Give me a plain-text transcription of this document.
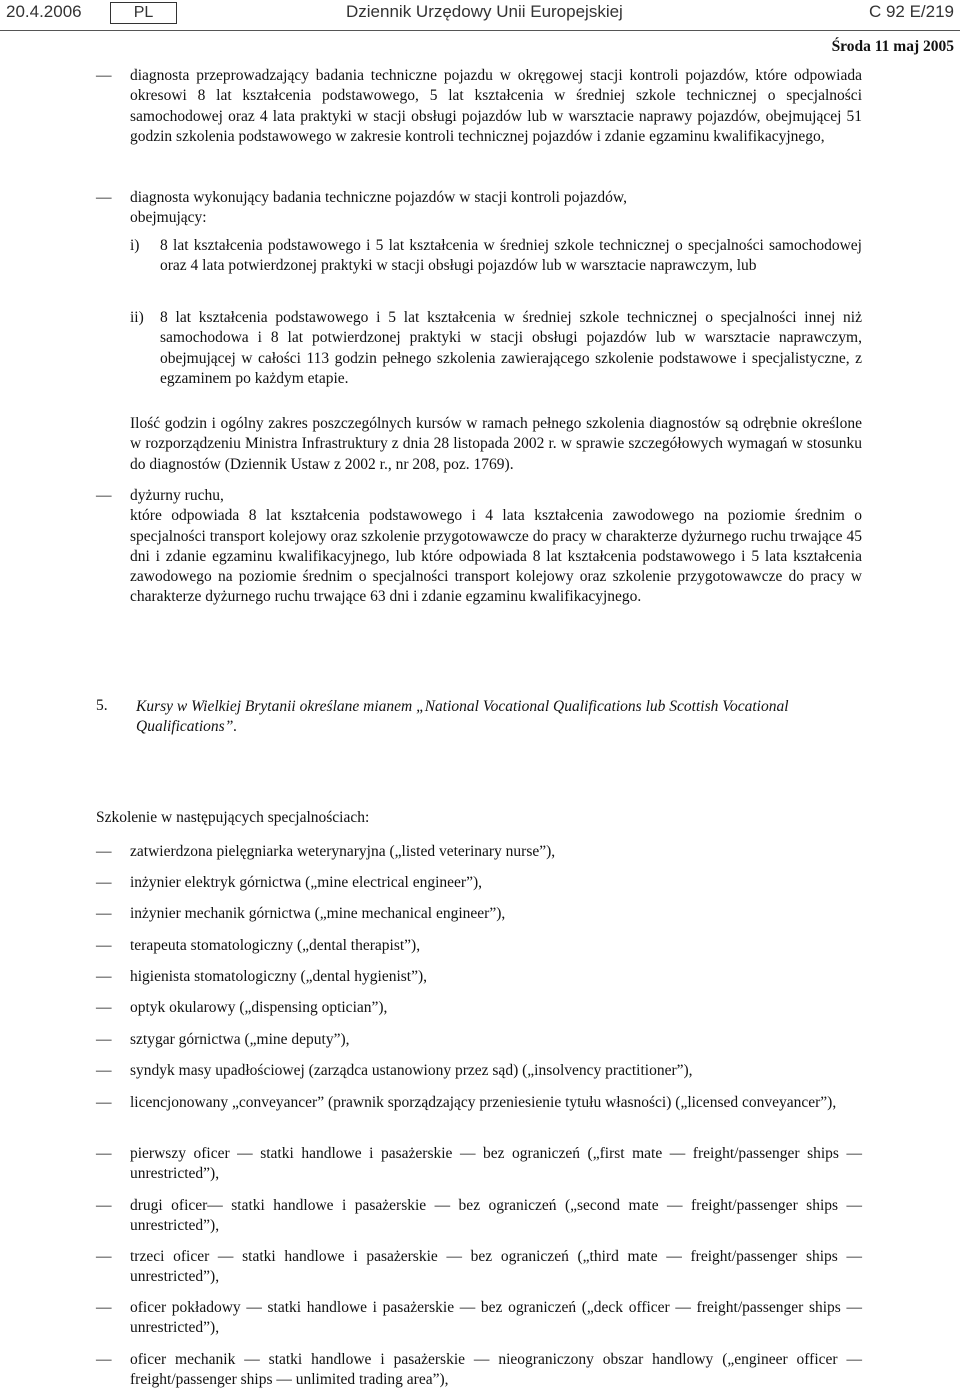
20.4.2006	PL	Dziennik Urzędowy Unii Europejskiej	C 92 E/219
Środa 11 maj 2005
— diagnosta przeprowadzający badania techniczne pojazdu w okręgowej stacji kontroli pojazdów, które odpowiada okresowi 8 lat kształcenia podstawowego, 5 lat kształcenia w średniej szkole technicznej o specjalności samochodowej oraz 4 lata praktyki w stacji obsługi pojazdów lub w warsztacie naprawy pojazdów, obejmującej 51 godzin szkolenia podstawowego w zakresie kontroli technicznej pojazdów i zdanie egzaminu kwalifikacyjnego,
— diagnosta wykonujący badania techniczne pojazdów w stacji kontroli pojazdów, obejmujący:
i) 8 lat kształcenia podstawowego i 5 lat kształcenia w średniej szkole technicznej o specjalności samochodowej oraz 4 lata potwierdzonej praktyki w stacji obsługi pojazdów lub w warsztacie naprawczym, lub
ii) 8 lat kształcenia podstawowego i 5 lat kształcenia w średniej szkole technicznej o specjalności innej niż samochodowa i 8 lat potwierdzonej praktyki w stacji obsługi pojazdów lub w warsztacie naprawczym, obejmującej w całości 113 godzin pełnego szkolenia zawierającego szkolenie podstawowe i specjalistyczne, z egzaminem po każdym etapie.
Ilość godzin i ogólny zakres poszczególnych kursów w ramach pełnego szkolenia diagnostów są odrębnie określone w rozporządzeniu Ministra Infrastruktury z dnia 28 listopada 2002 r. w sprawie szczegółowych wymagań w stosunku do diagnostów (Dziennik Ustaw z 2002 r., nr 208, poz. 1769).
— dyżurny ruchu,
które odpowiada 8 lat kształcenia podstawowego i 4 lata kształcenia zawodowego na poziomie średnim o specjalności transport kolejowy oraz szkolenie przygotowawcze do pracy w charakterze dyżurnego ruchu trwające 45 dni i zdanie egzaminu kwalifikacyjnego, lub które odpowiada 8 lat kształcenia podstawowego i 5 lata kształcenia zawodowego na poziomie średnim o specjalności transport kolejowy oraz szkolenie przygotowawcze do pracy w charakterze dyżurnego ruchu trwające 63 dni i zdanie egzaminu kwalifikacyjnego.
5. Kursy w Wielkiej Brytanii określane mianem „National Vocational Qualifications lub Scottish Vocational Qualifications”.
Szkolenie w następujących specjalnościach:
— zatwierdzona pielęgniarka weterynaryjna („listed veterinary nurse”),
— inżynier elektryk górnictwa („mine electrical engineer”),
— inżynier mechanik górnictwa („mine mechanical engineer”),
— terapeuta stomatologiczny („dental therapist”),
— higienista stomatologiczny („dental hygienist”),
— optyk okularowy („dispensing optician”),
— sztygar górnictwa („mine deputy”),
— syndyk masy upadłościowej (zarządca ustanowiony przez sąd) („insolvency practitioner”),
— licencjonowany „conveyancer” (prawnik sporządzający przeniesienie tytułu własności) („licensed conveyancer”),
— pierwszy oficer — statki handlowe i pasażerskie — bez ograniczeń („first mate — freight/passenger ships — unrestricted”),
— drugi oficer— statki handlowe i pasażerskie — bez ograniczeń („second mate — freight/passenger ships — unrestricted”),
— trzeci oficer — statki handlowe i pasażerskie — bez ograniczeń („third mate — freight/passenger ships — unrestricted”),
— oficer pokładowy — statki handlowe i pasażerskie — bez ograniczeń („deck officer — freight/passenger ships — unrestricted”),
— oficer mechanik — statki handlowe i pasażerskie — nieograniczony obszar handlowy („engineer officer — freight/passenger ships — unlimited trading area”),
